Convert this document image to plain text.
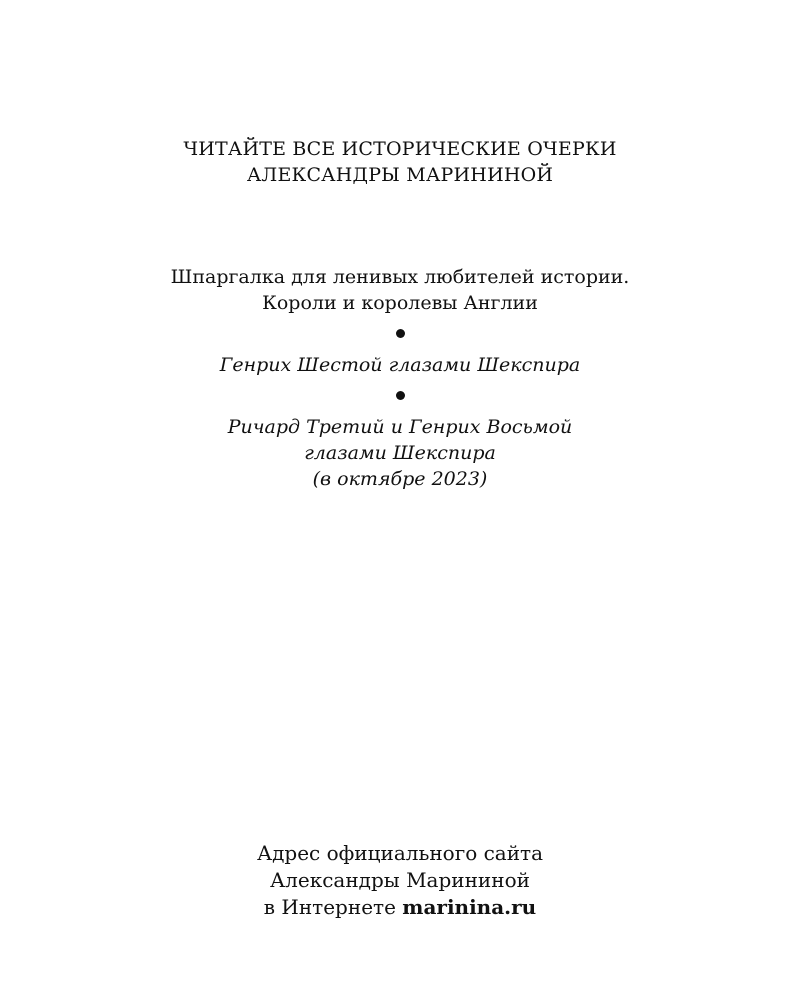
ЧИТАЙТЕ ВСЕ ИСТОРИЧЕСКИЕ ОЧЕРКИ
АЛЕКСАНДРЫ МАРИНИНОЙ
Шпаргалка для ленивых любителей истории.
Короли и королевы Англии
Генрих Шестой глазами Шекспира
Ричард Третий и Генрих Восьмой
глазами Шекспира
(в октябре 2023)
Адрес официального сайта
Александры Марининой
в Интернете marinina.ru
